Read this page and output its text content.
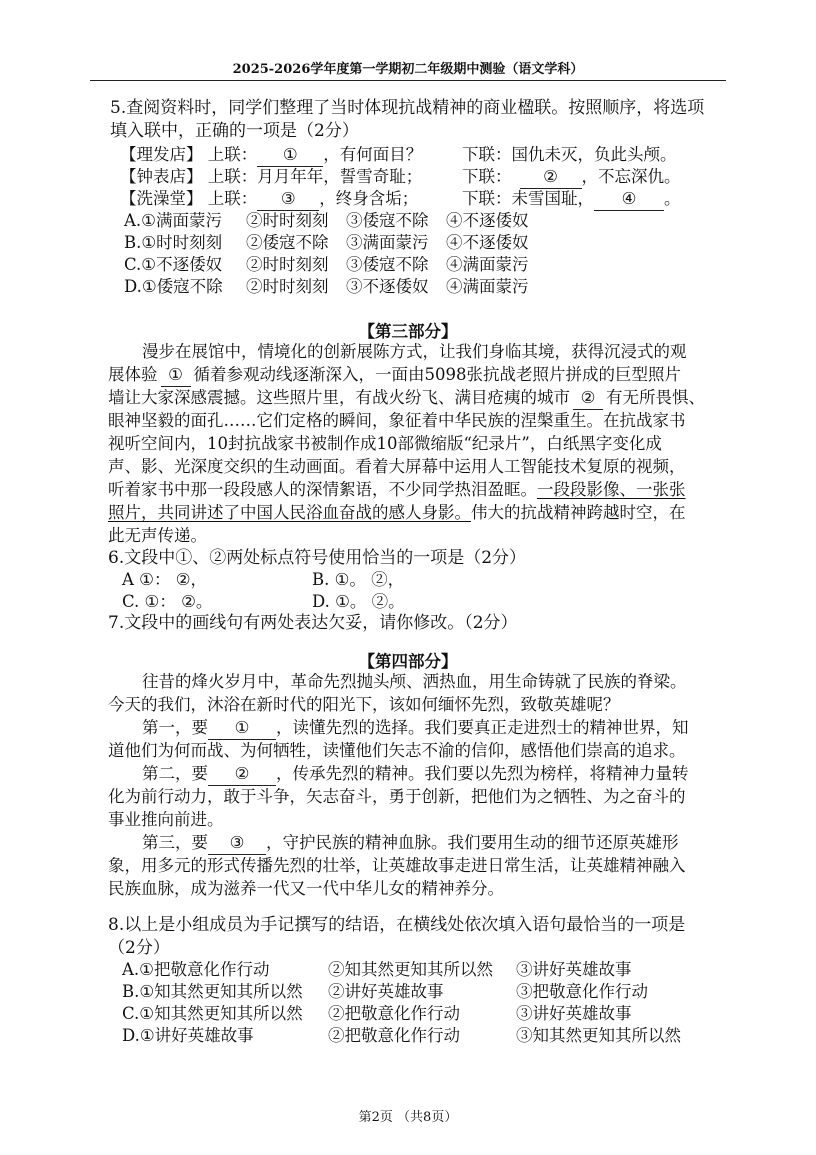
2025-2026学年度第一学期初二年级期中测验（语文学科）
5.查阅资料时，同学们整理了当时体现抗战精神的商业楹联。按照顺序，将选项
填入联中，正确的一项是（2分）
【理发店】 上联： ① ，有何面目？ 下联：国仇未灭，负此头颅。
【钟表店】 上联：月月年年，誓雪奇耻； 下联： ② ，不忘深仇。
【洗澡堂】 上联： ③ ，终身含垢；	下联：未雪国耻， ④ 。
A.①满面蒙污 ②时时刻刻 ③倭寇不除 ④不逐倭奴
B.①时时刻刻 ②倭寇不除 ③满面蒙污 ④不逐倭奴
C.①不逐倭奴 ②时时刻刻 ③倭寇不除 ④满面蒙污
D.①倭寇不除 ②时时刻刻 ③不逐倭奴 ④满面蒙污
【第三部分】
漫步在展馆中，情境化的创新展陈方式，让我们身临其境，获得沉浸式的观
展体验 ① 循着参观动线逐渐深入，一面由5098张抗战老照片拼成的巨型照片
墙让大家深感震撼。这些照片里，有战火纷飞、满目疮痍的城市 ② 有无所畏惧、
眼神坚毅的面孔……它们定格的瞬间，象征着中华民族的涅槃重生。在抗战家书
视听空间内，10封抗战家书被制作成10部微缩版“纪录片”，白纸黑字变化成
声、影、光深度交织的生动画面。看着大屏幕中运用人工智能技术复原的视频，
听着家书中那一段段感人的深情絮语，不少同学热泪盈眶。一段段影像、一张张
照片，共同讲述了中国人民浴血奋战的感人身影。伟大的抗战精神跨越时空，在
此无声传递。
6.文段中①、②两处标点符号使用恰当的一项是（2分）
A ①： ②，	B. ①。 ②，
C. ①： ②。	D. ①。 ②。
7.文段中的画线句有两处表达欠妥，请你修改。（2分）
【第四部分】
往昔的烽火岁月中，革命先烈抛头颅、洒热血，用生命铸就了民族的脊梁。
今天的我们，沐浴在新时代的阳光下，该如何缅怀先烈，致敬英雄呢？
第一，要 ① ，读懂先烈的选择。我们要真正走进烈士的精神世界，知
道他们为何而战、为何牺牲，读懂他们矢志不渝的信仰，感悟他们崇高的追求。
第二，要 ② ，传承先烈的精神。我们要以先烈为榜样，将精神力量转
化为前行动力，敢于斗争，矢志奋斗，勇于创新，把他们为之牺牲、为之奋斗的
事业推向前进。
第三，要 ③ ，守护民族的精神血脉。我们要用生动的细节还原英雄形
象，用多元的形式传播先烈的壮举，让英雄故事走进日常生活，让英雄精神融入
民族血脉，成为滋养一代又一代中华儿女的精神养分。
8.以上是小组成员为手记撰写的结语，在横线处依次填入语句最恰当的一项是
（2分）
A.①把敬意化作行动	②知其然更知其所以然 ③讲好英雄故事
B.①知其然更知其所以然 ②讲好英雄故事	③把敬意化作行动
C.①知其然更知其所以然 ②把敬意化作行动	③讲好英雄故事
D.①讲好英雄故事	②把敬意化作行动	③知其然更知其所以然
第2页 （共8页）
